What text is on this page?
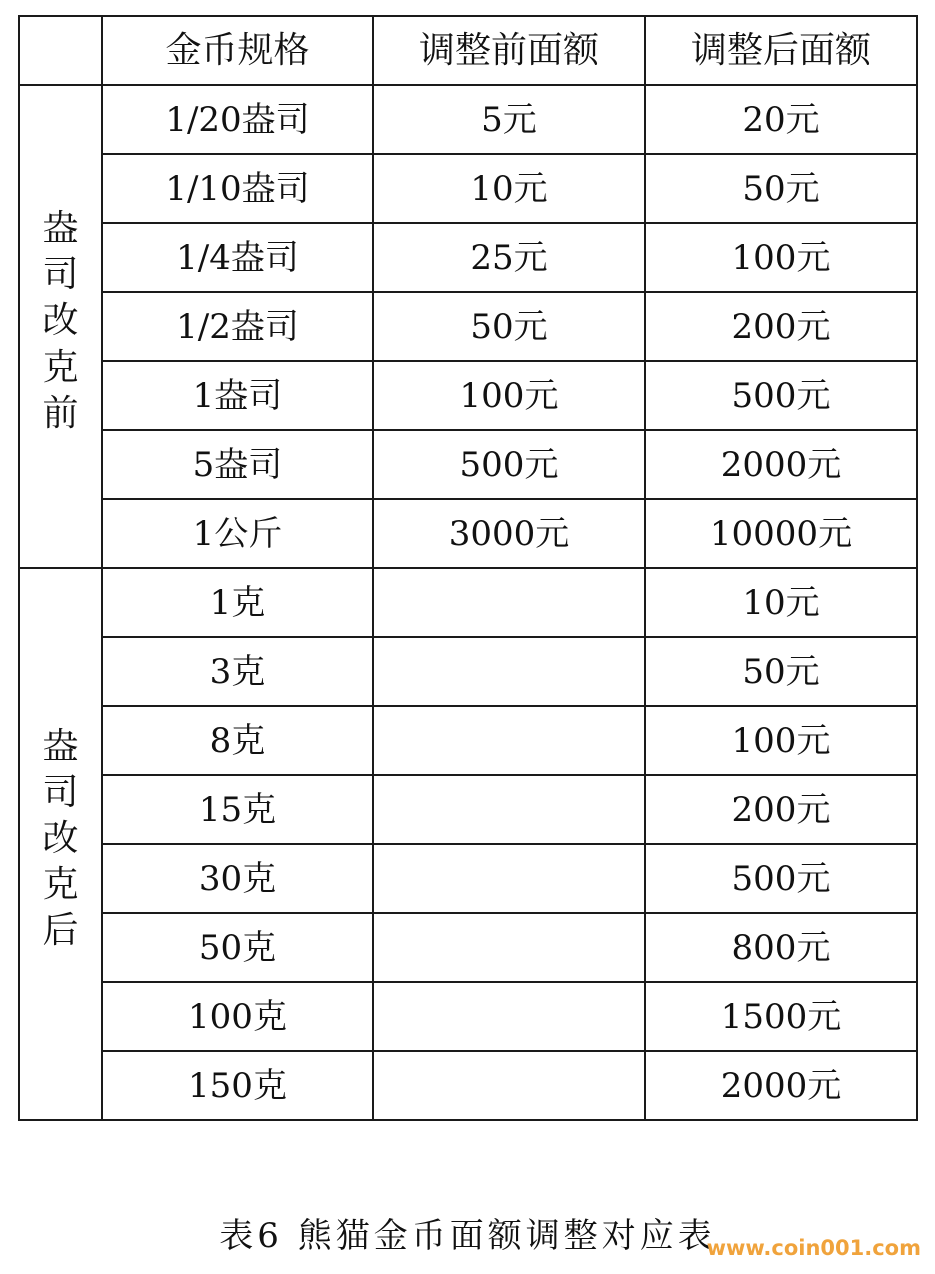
	金币规格	调整前面额	调整后面额
盎司改克前	1/20盎司	5元	20元
	1/10盎司	10元	50元
	1/4盎司	25元	100元
	1/2盎司	50元	200元
	1盎司	100元	500元
	5盎司	500元	2000元
	1公斤	3000元	10000元
盎司改克后	1克		10元
	3克		50元
	8克		100元
	15克		200元
	30克		500元
	50克		800元
	100克		1500元
	150克		2000元
表6 熊猫金币面额调整对应表
www.coin001.com
